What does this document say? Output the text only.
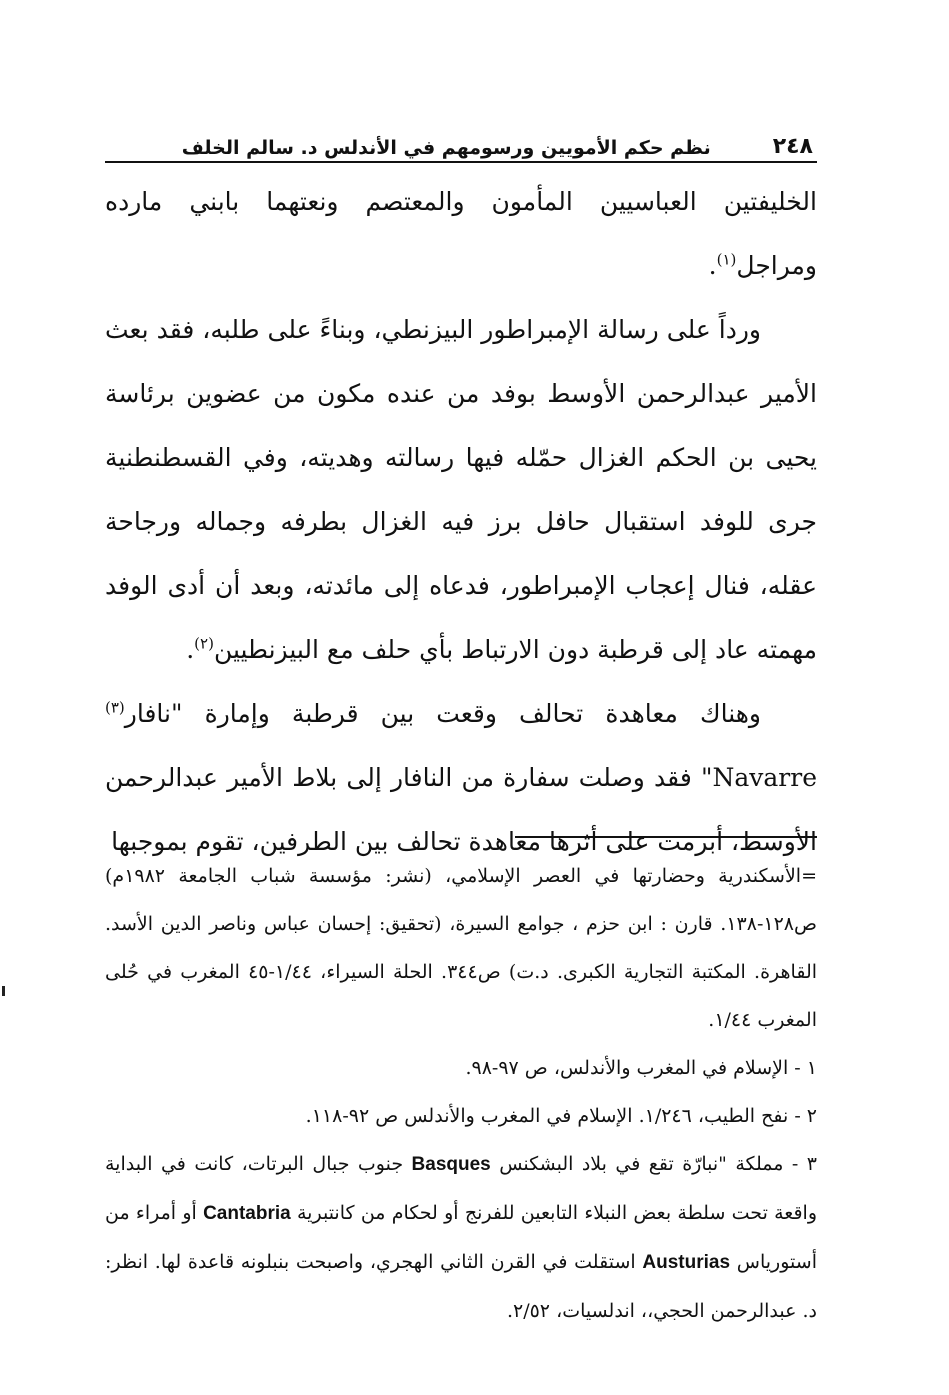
٢٤٨
نظم حكم الأمويين ورسومهم في الأندلس د. سالم الخلف

الخليفتين العباسيين المأمون والمعتصم ونعتهما بابني مارده ومراجل$^{(١)}$.

ورداً على رسالة الإمبراطور البيزنطي، وبناءً على طلبه، فقد بعث الأمير عبدالرحمن الأوسط بوفد من عنده مكون من عضوين برئاسة يحيى بن الحكم الغزال حمّله فيها رسالته وهديته، وفي القسطنطنية جرى للوفد استقبال حافل برز فيه الغزال بطرفه وجماله ورجاحة عقله، فنال إعجاب الإمبراطور، فدعاه إلى مائدته، وبعد أن أدى الوفد مهمته عاد إلى قرطبة دون الارتباط بأي حلف مع البيزنطيين$^{(٢)}$.

وهناك معاهدة تحالف وقعت بين قرطبة وإمارة "نافار$^{(٣)}$ Navarre" فقد وصلت سفارة من النافار إلى بلاط الأمير عبدالرحمن الأوسط، أبرمت على أثرها معاهدة تحالف بين الطرفين، تقوم بموجبها

=الأسكندرية وحضارتها في العصر الإسلامي، (نشر: مؤسسة شباب الجامعة ١٩٨٢م) ص١٢٨-١٣٨. قارن : ابن حزم ، جوامع السيرة، (تحقيق: إحسان عباس وناصر الدين الأسد. القاهرة. المكتبة التجارية الكبرى. د.ت) ص٣٤٤. الحلة السيراء، ١/٤٤-٤٥ المغرب في حُلى المغرب ١/٤٤.

١ - الإسلام في المغرب والأندلس، ص ٩٧-٩٨.

٢ - نفح الطيب، ١/٢٤٦. الإسلام في المغرب والأندلس ص ٩٢-١١٨.

٣ - مملكة "نبارّة تقع في بلاد البشكنس Basques جنوب جبال البرتات، كانت في البداية واقعة تحت سلطة بعض النبلاء التابعين للفرنج أو لحكام من كانتبرية Cantabria أو أمراء من أستورياس Austurias استقلت في القرن الثاني الهجري، واصبحت بنبلونه قاعدة لها. انظر: د. عبدالرحمن الحجي،، اندلسيات، ٢/٥٢.
